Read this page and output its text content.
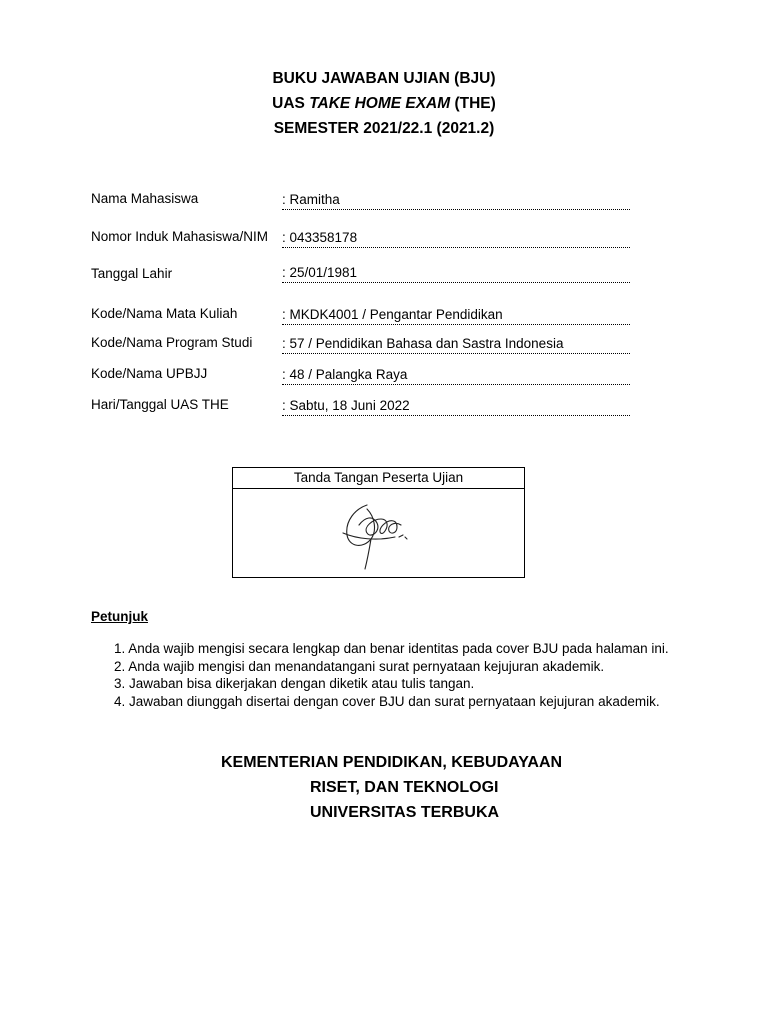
BUKU JAWABAN UJIAN (BJU)
UAS TAKE HOME EXAM (THE)
SEMESTER 2021/22.1 (2021.2)
Nama Mahasiswa	: Ramitha
Nomor Induk Mahasiswa/NIM : 043358178
Tanggal Lahir	: 25/01/1981
Kode/Nama Mata Kuliah	: MKDK4001 / Pengantar Pendidikan
Kode/Nama Program Studi : 57 / Pendidikan Bahasa dan Sastra Indonesia
Kode/Nama UPBJJ	: 48 / Palangka Raya
Hari/Tanggal UAS THE	: Sabtu, 18 Juni 2022
Tanda Tangan Peserta Ujian
Petunjuk
1. Anda wajib mengisi secara lengkap dan benar identitas pada cover BJU pada halaman ini.
2. Anda wajib mengisi dan menandatangani surat pernyataan kejujuran akademik.
3. Jawaban bisa dikerjakan dengan diketik atau tulis tangan.
4. Jawaban diunggah disertai dengan cover BJU dan surat pernyataan kejujuran akademik.
KEMENTERIAN PENDIDIKAN, KEBUDAYAAN
RISET, DAN TEKNOLOGI
UNIVERSITAS TERBUKA
